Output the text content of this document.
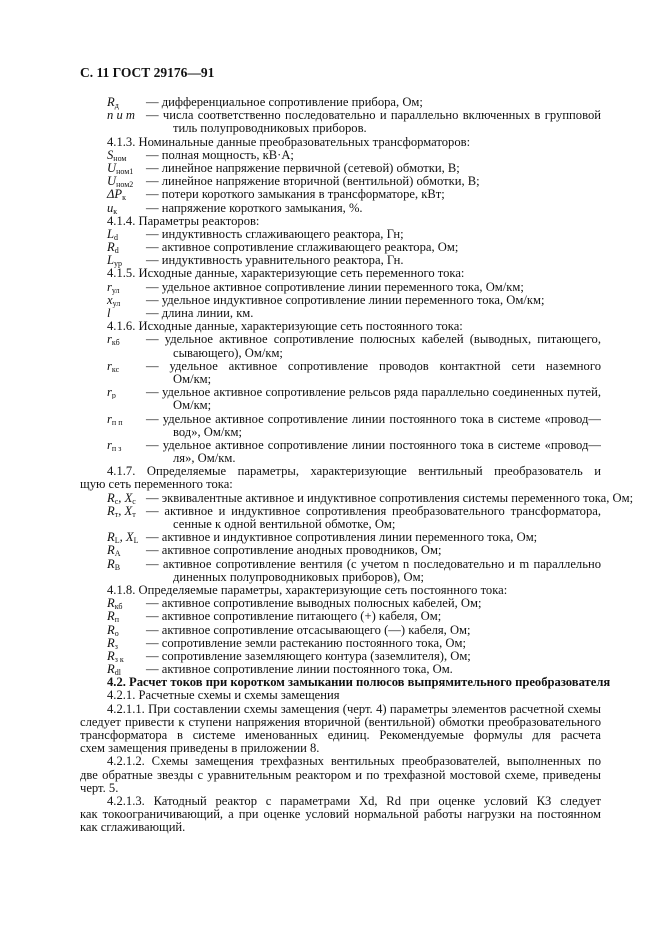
С. 11 ГОСТ 29176—91
$R_д$ — дифференциальное сопротивление прибора, Ом;
n и m — числа соответственно последовательно и параллельно включенных в групповой
тиль полупроводниковых приборов.
4.1.3. Номинальные данные преобразовательных трансформаторов:
$S_{ном}$ — полная мощность, кВ·А;
$U_{ном1}$ — линейное напряжение первичной (сетевой) обмотки, В;
$U_{ном2}$ — линейное напряжение вторичной (вентильной) обмотки, В;
$\Delta P_к$ — потери короткого замыкания в трансформаторе, кВт;
$u_к$ — напряжение короткого замыкания, %.
4.1.4. Параметры реакторов:
$L_d$ — индуктивность сглаживающего реактора, Гн;
$R_d$ — активное сопротивление сглаживающего реактора, Ом;
$L_{ур}$ — индуктивность уравнительного реактора, Гн.
4.1.5. Исходные данные, характеризующие сеть переменного тока:
$r_{ул}$ — удельное активное сопротивление линии переменного тока, Ом/км;
$x_{ул}$ — удельное индуктивное сопротивление линии переменного тока, Ом/км;
l	— длина линии, км.
4.1.6. Исходные данные, характеризующие сеть постоянного тока:
$r_{кб}$ — удельное активное сопротивление полюсных кабелей (выводных, питающего,
сывающего), Ом/км;
$r_{кс}$ — удельное активное сопротивление проводов контактной сети наземного
Ом/км;
$r_р$ — удельное активное сопротивление рельсов ряда параллельно соединенных путей,
Ом/км;
$r_{п п}$ — удельное активное сопротивление линии постоянного тока в системе «провод—
вод», Ом/км;
$r_{п з}$ — удельное активное сопротивление линии постоянного тока в системе «провод—
ля», Ом/км.
4.1.7. Определяемые параметры, характеризующие вентильный преобразователь и
щую сеть переменного тока:
$R_с$, $X_с$ — эквивалентные активное и индуктивное сопротивления системы переменного тока, Ом;
$R_т$, $X_т$ — активное и индуктивное сопротивления преобразовательного трансформатора,
сенные к одной вентильной обмотке, Ом;
$R_L$, $X_L$ — активное и индуктивное сопротивления линии переменного тока, Ом;
$R_A$ — активное сопротивление анодных проводников, Ом;
$R_В$ — активное сопротивление вентиля (с учетом n последовательно и m параллельно
диненных полупроводниковых приборов), Ом;
4.1.8. Определяемые параметры, характеризующие сеть постоянного тока:
$R_{кб}$ — активное сопротивление выводных полюсных кабелей, Ом;
$R_п$ — активное сопротивление питающего (+) кабеля, Ом;
$R_о$ — активное сопротивление отсасывающего (—) кабеля, Ом;
$R_з$ — сопротивление земли растеканию постоянного тока, Ом;
$R_{з к}$ — сопротивление заземляющего контура (заземлителя), Ом;
$R_{dl}$ — активное сопротивление линии постоянного тока, Ом.
4.2. Расчет токов при коротком замыкании полюсов выпрямительного преобразователя
4.2.1. Расчетные схемы и схемы замещения
4.2.1.1. При составлении схемы замещения (черт. 4) параметры элементов расчетной схемы
следует привести к ступени напряжения вторичной (вентильной) обмотки преобразовательного
трансформатора в системе именованных единиц. Рекомендуемые формулы для расчета
схем замещения приведены в приложении 8.
4.2.1.2. Схемы замещения трехфазных вентильных преобразователей, выполненных по
две обратные звезды с уравнительным реактором и по трехфазной мостовой схеме, приведены
черт. 5.
4.2.1.3. Катодный реактор с параметрами Xd, Rd при оценке условий КЗ следует
как токоограничивающий, а при оценке условий нормальной работы нагрузки на постоянном
как сглаживающий.
